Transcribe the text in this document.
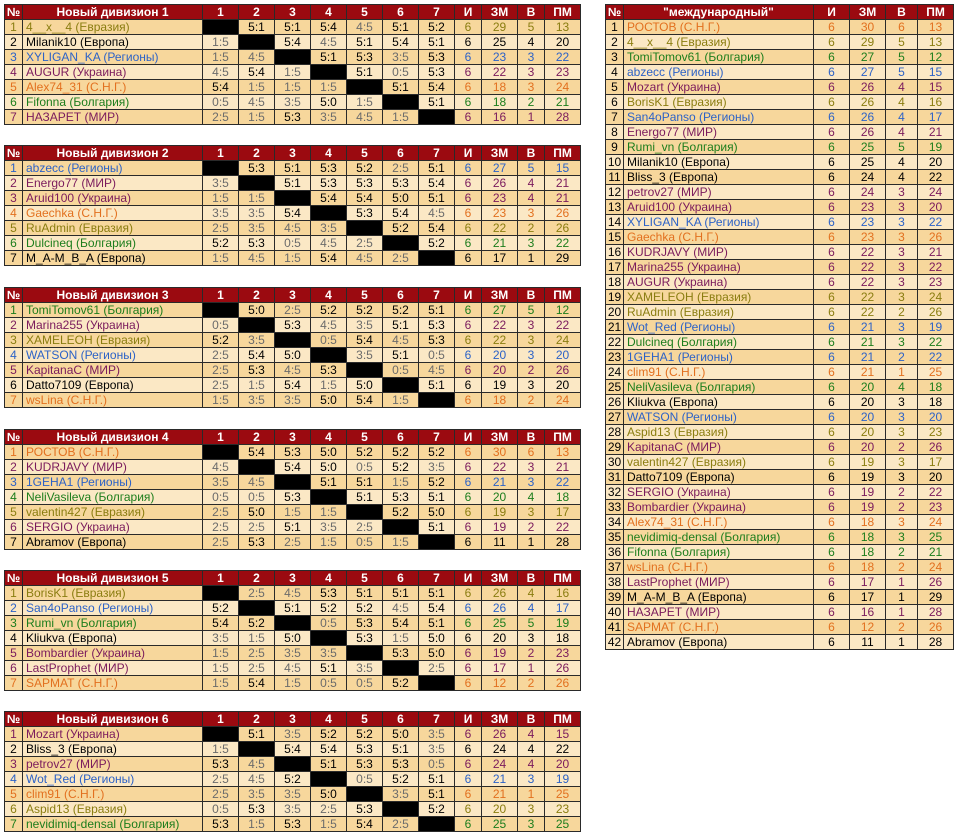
№	Новый дивизион 1	1	2	3	4	5	6	7	И	ЗМ	В	ПМ
1	4__x__4 (Евразия)		5:1	5:1	5:4	4:5	5:1	5:2	6	29	5	13
2	Milanik10 (Европа)	1:5		5:4	4:5	5:1	5:4	5:1	6	25	4	20
3	XYLIGAN_KA (Регионы)	1:5	4:5		5:1	5:3	3:5	5:3	6	23	3	22
4	AUGUR (Украина)	4:5	5:4	1:5		5:1	0:5	5:3	6	22	3	23
5	Alex74_31 (С.Н.Г.)	5:4	1:5	1:5	1:5		5:1	5:4	6	18	3	24
6	Fifonna (Болгария)	0:5	4:5	3:5	5:0	1:5		5:1	6	18	2	21
7	НАЗАРЕТ (МИР)	2:5	1:5	5:3	3:5	4:5	1:5		6	16	1	28
№	Новый дивизион 2	1	2	3	4	5	6	7	И	ЗМ	В	ПМ
1	abzecc (Регионы)		5:3	5:1	5:3	5:2	2:5	5:1	6	27	5	15
2	Energo77 (МИР)	3:5		5:1	5:3	5:3	5:3	5:4	6	26	4	21
3	Aruid100 (Украина)	1:5	1:5		5:4	5:4	5:0	5:1	6	23	4	21
4	Gaechka (С.Н.Г.)	3:5	3:5	5:4		5:3	5:4	4:5	6	23	3	26
5	RuAdmin (Евразия)	2:5	3:5	4:5	3:5		5:2	5:4	6	22	2	26
6	Dulcineq (Болгария)	5:2	5:3	0:5	4:5	2:5		5:2	6	21	3	22
7	M_A-M_B_A (Европа)	1:5	4:5	1:5	5:4	4:5	2:5		6	17	1	29
№	Новый дивизион 3	1	2	3	4	5	6	7	И	ЗМ	В	ПМ
1	TomiTomov61 (Болгария)		5:0	2:5	5:2	5:2	5:2	5:1	6	27	5	12
2	Marina255 (Украина)	0:5		5:3	4:5	3:5	5:1	5:3	6	22	3	22
3	XAMELEOH (Евразия)	5:2	3:5		0:5	5:4	4:5	5:3	6	22	3	24
4	WATSON (Регионы)	2:5	5:4	5:0		3:5	5:1	0:5	6	20	3	20
5	KapitanaC (МИР)	2:5	5:3	4:5	5:3		0:5	4:5	6	20	2	26
6	Datto7109 (Европа)	2:5	1:5	5:4	1:5	5:0		5:1	6	19	3	20
7	wsLina (С.Н.Г.)	1:5	3:5	3:5	5:0	5:4	1:5		6	18	2	24
№	Новый дивизион 4	1	2	3	4	5	6	7	И	ЗМ	В	ПМ
1	РОСТОВ (С.Н.Г.)		5:4	5:3	5:0	5:2	5:2	5:2	6	30	6	13
2	KUDRJAVY (МИР)	4:5		5:4	5:0	0:5	5:2	3:5	6	22	3	21
3	1GEHA1 (Регионы)	3:5	4:5		5:1	5:1	1:5	5:2	6	21	3	22
4	NeliVasileva (Болгария)	0:5	0:5	5:3		5:1	5:3	5:1	6	20	4	18
5	valentin427 (Евразия)	2:5	5:0	1:5	1:5		5:2	5:0	6	19	3	17
6	SERGIO (Украина)	2:5	2:5	5:1	3:5	2:5		5:1	6	19	2	22
7	Abramov (Европа)	2:5	5:3	2:5	1:5	0:5	1:5		6	11	1	28
№	Новый дивизион 5	1	2	3	4	5	6	7	И	ЗМ	В	ПМ
1	BorisK1 (Евразия)		2:5	4:5	5:3	5:1	5:1	5:1	6	26	4	16
2	San4oPanso (Регионы)	5:2		5:1	5:2	5:2	4:5	5:4	6	26	4	17
3	Rumi_vn (Болгария)	5:4	5:2		0:5	5:3	5:4	5:1	6	25	5	19
4	Kliukva (Европа)	3:5	1:5	5:0		5:3	1:5	5:0	6	20	3	18
5	Bombardier (Украина)	1:5	2:5	3:5	3:5		5:3	5:0	6	19	2	23
6	LastProphet (МИР)	1:5	2:5	4:5	5:1	3:5		2:5	6	17	1	26
7	SAPMAT (С.Н.Г.)	1:5	5:4	1:5	0:5	0:5	5:2		6	12	2	26
№	Новый дивизион 6	1	2	3	4	5	6	7	И	ЗМ	В	ПМ
1	Mozart (Украина)		5:1	3:5	5:2	5:2	5:0	3:5	6	26	4	15
2	Bliss_3 (Европа)	1:5		5:4	5:4	5:3	5:1	3:5	6	24	4	22
3	petrov27 (МИР)	5:3	4:5		5:1	5:3	5:3	0:5	6	24	4	20
4	Wot_Red (Регионы)	2:5	4:5	5:2		0:5	5:2	5:1	6	21	3	19
5	clim91 (С.Н.Г.)	2:5	3:5	3:5	5:0		3:5	5:1	6	21	1	25
6	Aspid13 (Евразия)	0:5	5:3	3:5	2:5	5:3		5:2	6	20	3	23
7	nevidimiq-densal (Болгария)	5:3	1:5	5:3	1:5	5:4	2:5		6	25	3	25
№	"международный"	И	ЗМ	В	ПМ
1	РОСТОВ (С.Н.Г.)	6	30	6	13
2	4__x__4 (Евразия)	6	29	5	13
3	TomiTomov61 (Болгария)	6	27	5	12
4	abzecc (Регионы)	6	27	5	15
5	Mozart (Украина)	6	26	4	15
6	BorisK1 (Евразия)	6	26	4	16
7	San4oPanso (Регионы)	6	26	4	17
8	Energo77 (МИР)	6	26	4	21
9	Rumi_vn (Болгария)	6	25	5	19
10	Milanik10 (Европа)	6	25	4	20
11	Bliss_3 (Европа)	6	24	4	22
12	petrov27 (МИР)	6	24	3	24
13	Aruid100 (Украина)	6	23	3	20
14	XYLIGAN_KA (Регионы)	6	23	3	22
15	Gaechka (С.Н.Г.)	6	23	3	26
16	KUDRJAVY (МИР)	6	22	3	21
17	Marina255 (Украина)	6	22	3	22
18	AUGUR (Украина)	6	22	3	23
19	XAMELEOH (Евразия)	6	22	3	24
20	RuAdmin (Евразия)	6	22	2	26
21	Wot_Red (Регионы)	6	21	3	19
22	Dulcineq (Болгария)	6	21	3	22
23	1GEHA1 (Регионы)	6	21	2	22
24	clim91 (С.Н.Г.)	6	21	1	25
25	NeliVasileva (Болгария)	6	20	4	18
26	Kliukva (Европа)	6	20	3	18
27	WATSON (Регионы)	6	20	3	20
28	Aspid13 (Евразия)	6	20	3	23
29	KapitanaC (МИР)	6	20	2	26
30	valentin427 (Евразия)	6	19	3	17
31	Datto7109 (Европа)	6	19	3	20
32	SERGIO (Украина)	6	19	2	22
33	Bombardier (Украина)	6	19	2	23
34	Alex74_31 (С.Н.Г.)	6	18	3	24
35	nevidimiq-densal (Болгария)	6	18	3	25
36	Fifonna (Болгария)	6	18	2	21
37	wsLina (С.Н.Г.)	6	18	2	24
38	LastProphet (МИР)	6	17	1	26
39	M_A-M_B_A (Европа)	6	17	1	29
40	НАЗАРЕТ (МИР)	6	16	1	28
41	SAPMAT (С.Н.Г.)	6	12	2	26
42	Abramov (Европа)	6	11	1	28
